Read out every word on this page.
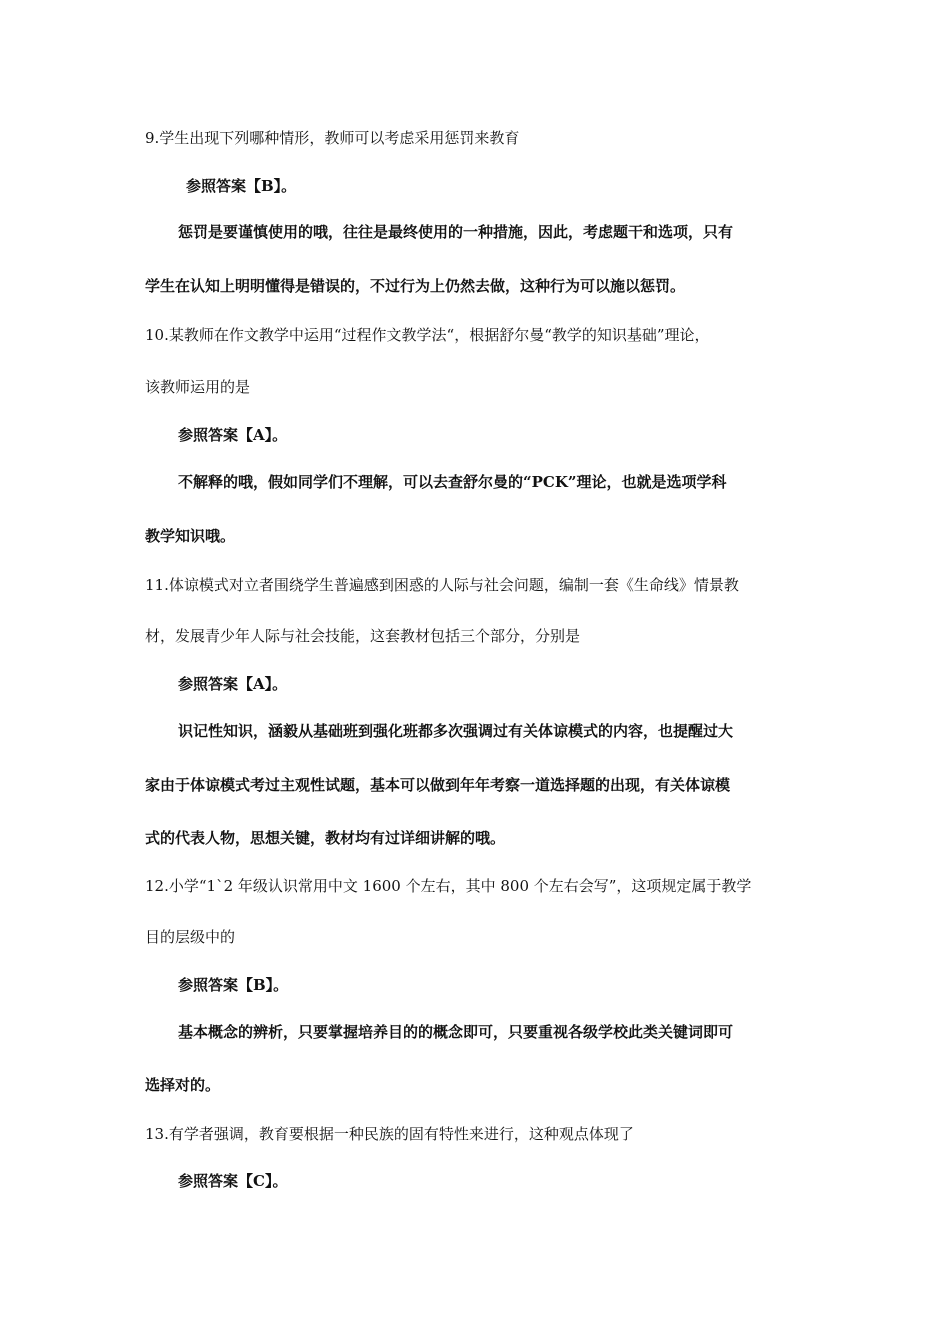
9.学生出现下列哪种情形，教师可以考虑采用惩罚来教育
参照答案【B】。
惩罚是要谨慎使用的哦，往往是最终使用的一种措施，因此，考虑题干和选项，只有
学生在认知上明明懂得是错误的，不过行为上仍然去做，这种行为可以施以惩罚。
10.某教师在作文教学中运用“过程作文教学法“，根据舒尔曼“教学的知识基础”理论，
该教师运用的是
参照答案【A】。
不解释的哦，假如同学们不理解，可以去查舒尔曼的“PCK”理论，也就是选项学科
教学知识哦。
11.体谅模式对立者围绕学生普遍感到困惑的人际与社会问题，编制一套《生命线》情景教
材，发展青少年人际与社会技能，这套教材包括三个部分，分别是
参照答案【A】。
识记性知识，涵毅从基础班到强化班都多次强调过有关体谅模式的内容，也提醒过大
家由于体谅模式考过主观性试题，基本可以做到年年考察一道选择题的出现，有关体谅模
式的代表人物，思想关键，教材均有过详细讲解的哦。
12.小学“1`2 年级认识常用中文 1600 个左右，其中 800 个左右会写”，这项规定属于教学
目的层级中的
参照答案【B】。
基本概念的辨析，只要掌握培养目的的概念即可，只要重视各级学校此类关键词即可
选择对的。
13.有学者强调，教育要根据一种民族的固有特性来进行，这种观点体现了
参照答案【C】。
